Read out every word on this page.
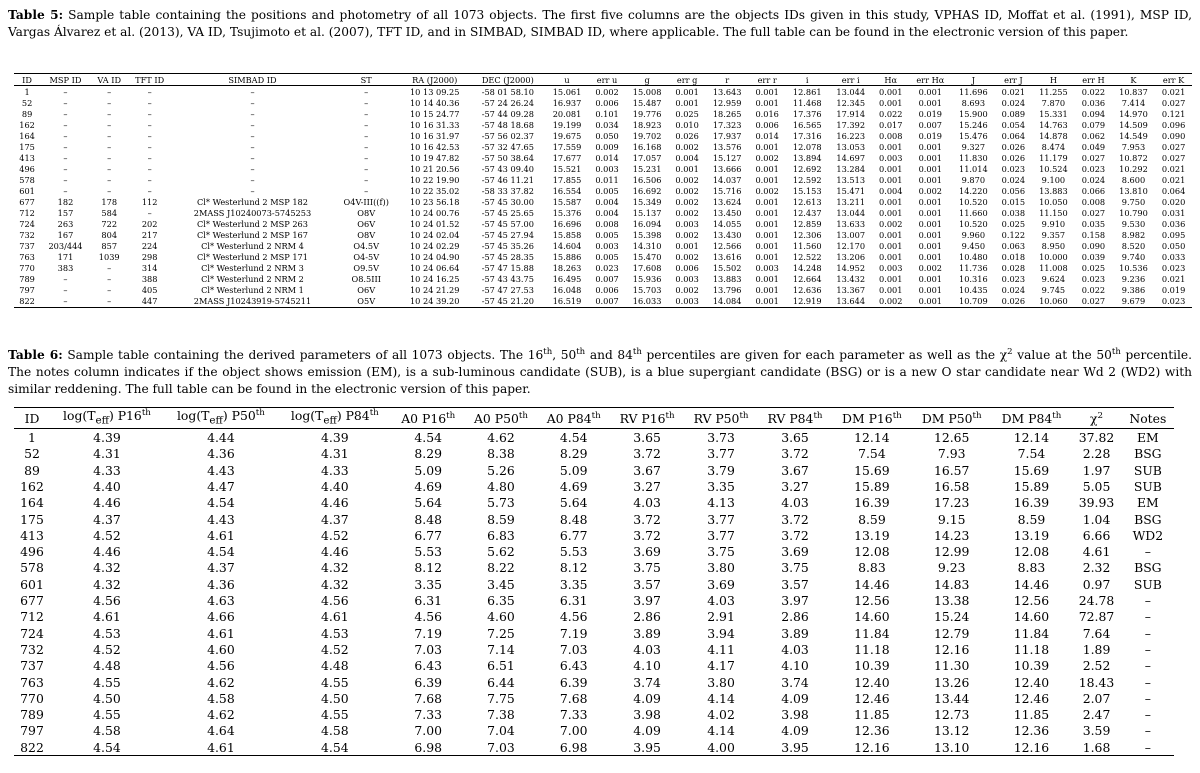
Table 5: Sample table containing the positions and photometry of all 1073 objects. The first five columns are the objects IDs given in this study, VPHAS ID, Moffat et al. (1991), MSP ID, Vargas Álvarez et al. (2013), VA ID, Tsujimoto et al. (2007), TFT ID, and in SIMBAD, SIMBAD ID, where applicable. The full table can be found in the electronic version of this paper.
ID	MSP ID	VA ID	TFT ID	SIMBAD ID	ST	RA (J2000)	DEC (J2000)	u	err u	g	err g	r	err r	i	err i	Hα	err Hα	J	err J	H	err H	K	err K
1	–	–	–	–	–	10 13 09.25	-58 01 58.10	15.061	0.002	15.008	0.001	13.643	0.001	12.861	13.044	0.001	0.001	11.696	0.021	11.255	0.022	10.837	0.021
52	–	–	–	–	–	10 14 40.36	-57 24 26.24	16.937	0.006	15.487	0.001	12.959	0.001	11.468	12.345	0.001	0.001	8.693	0.024	7.870	0.036	7.414	0.027
89	–	–	–	–	–	10 15 24.77	-57 44 09.28	20.081	0.101	19.776	0.025	18.265	0.016	17.376	17.914	0.022	0.019	15.900	0.089	15.331	0.094	14.970	0.121
162	–	–	–	–	–	10 16 31.33	-57 48 18.68	19.199	0.034	18.923	0.010	17.323	0.006	16.565	17.392	0.017	0.007	15.246	0.054	14.763	0.079	14.509	0.096
164	–	–	–	–	–	10 16 31.97	-57 56 02.37	19.675	0.050	19.702	0.026	17.937	0.014	17.316	16.223	0.008	0.019	15.476	0.064	14.878	0.062	14.549	0.090
175	–	–	–	–	–	10 16 42.53	-57 32 47.65	17.559	0.009	16.168	0.002	13.576	0.001	12.078	13.053	0.001	0.001	9.327	0.026	8.474	0.049	7.953	0.027
413	–	–	–	–	–	10 19 47.82	-57 50 38.64	17.677	0.014	17.057	0.004	15.127	0.002	13.894	14.697	0.003	0.001	11.830	0.026	11.179	0.027	10.872	0.027
496	–	–	–	–	–	10 21 20.56	-57 43 09.40	15.521	0.003	15.231	0.001	13.666	0.001	12.692	13.284	0.001	0.001	11.014	0.023	10.524	0.023	10.292	0.021
578	–	–	–	–	–	10 22 19.90	-57 46 11.21	17.855	0.011	16.506	0.002	14.037	0.001	12.592	13.513	0.001	0.001	9.870	0.024	9.100	0.024	8.600	0.021
601	–	–	–	–	–	10 22 35.02	-58 33 37.82	16.554	0.005	16.692	0.002	15.716	0.002	15.153	15.471	0.004	0.002	14.220	0.056	13.883	0.066	13.810	0.064
677	182	178	112	Cl* Westerlund 2 MSP 182	O4V-III((f))	10 23 56.18	-57 45 30.00	15.587	0.004	15.349	0.002	13.624	0.001	12.613	13.211	0.001	0.001	10.520	0.015	10.050	0.008	9.750	0.020
712	157	584	–	2MASS J10240073-5745253	O8V	10 24 00.76	-57 45 25.65	15.376	0.004	15.137	0.002	13.450	0.001	12.437	13.044	0.001	0.001	11.660	0.038	11.150	0.027	10.790	0.031
724	263	722	202	Cl* Westerlund 2 MSP 263	O6V	10 24 01.52	-57 45 57.00	16.696	0.008	16.094	0.003	14.055	0.001	12.859	13.633	0.002	0.001	10.520	0.025	9.910	0.035	9.530	0.036
732	167	804	217	Cl* Westerlund 2 MSP 167	O8V	10 24 02.04	-57 45 27.94	15.858	0.005	15.398	0.002	13.430	0.001	12.306	13.007	0.001	0.001	9.960	0.122	9.357	0.158	8.982	0.095
737	203/444	857	224	Cl* Westerlund 2 NRM 4	O4.5V	10 24 02.29	-57 45 35.26	14.604	0.003	14.310	0.001	12.566	0.001	11.560	12.170	0.001	0.001	9.450	0.063	8.950	0.090	8.520	0.050
763	171	1039	298	Cl* Westerlund 2 MSP 171	O4-5V	10 24 04.90	-57 45 28.35	15.886	0.005	15.470	0.002	13.616	0.001	12.522	13.206	0.001	0.001	10.480	0.018	10.000	0.039	9.740	0.033
770	383	–	314	Cl* Westerlund 2 NRM 3	O9.5V	10 24 06.64	-57 47 15.88	18.263	0.023	17.608	0.006	15.502	0.003	14.248	14.952	0.003	0.002	11.736	0.028	11.008	0.025	10.536	0.023
789	–	–	388	Cl* Westerlund 2 NRM 2	O8.5III	10 24 16.25	-57 43 43.75	16.495	0.007	15.936	0.003	13.883	0.001	12.664	13.432	0.001	0.001	10.316	0.023	9.624	0.023	9.236	0.021
797	–	–	405	Cl* Westerlund 2 NRM 1	O6V	10 24 21.29	-57 47 27.53	16.048	0.006	15.703	0.002	13.796	0.001	12.636	13.367	0.001	0.001	10.435	0.024	9.745	0.022	9.386	0.019
822	–	–	447	2MASS J10243919-5745211	O5V	10 24 39.20	-57 45 21.20	16.519	0.007	16.033	0.003	14.084	0.001	12.919	13.644	0.002	0.001	10.709	0.026	10.060	0.027	9.679	0.023
Table 6: Sample table containing the derived parameters of all 1073 objects. The 16th, 50th and 84th percentiles are given for each parameter as well as the $\chi^2$ value at the 50th percentile. The notes column indicates if the object shows emission (EM), is a sub-luminous candidate (SUB), is a blue supergiant candidate (BSG) or is a new O star candidate near Wd 2 (WD2) with similar reddening. The full table can be found in the electronic version of this paper.
ID	$\log(T_{eff})$ P16th	$\log(T_{eff})$ P50th	$\log(T_{eff})$ P84th	A0 P16th	A0 P50th	A0 P84th	RV P16th	RV P50th	RV P84th	DM P16th	DM P50th	DM P84th	$\chi^2$	Notes
1	4.39	4.44	4.39	4.54	4.62	4.54	3.65	3.73	3.65	12.14	12.65	12.14	37.82	EM
52	4.31	4.36	4.31	8.29	8.38	8.29	3.72	3.77	3.72	7.54	7.93	7.54	2.28	BSG
89	4.33	4.43	4.33	5.09	5.26	5.09	3.67	3.79	3.67	15.69	16.57	15.69	1.97	SUB
162	4.40	4.47	4.40	4.69	4.80	4.69	3.27	3.35	3.27	15.89	16.58	15.89	5.05	SUB
164	4.46	4.54	4.46	5.64	5.73	5.64	4.03	4.13	4.03	16.39	17.23	16.39	39.93	EM
175	4.37	4.43	4.37	8.48	8.59	8.48	3.72	3.77	3.72	8.59	9.15	8.59	1.04	BSG
413	4.52	4.61	4.52	6.77	6.83	6.77	3.72	3.77	3.72	13.19	14.23	13.19	6.66	WD2
496	4.46	4.54	4.46	5.53	5.62	5.53	3.69	3.75	3.69	12.08	12.99	12.08	4.61	–
578	4.32	4.37	4.32	8.12	8.22	8.12	3.75	3.80	3.75	8.83	9.23	8.83	2.32	BSG
601	4.32	4.36	4.32	3.35	3.45	3.35	3.57	3.69	3.57	14.46	14.83	14.46	0.97	SUB
677	4.56	4.63	4.56	6.31	6.35	6.31	3.97	4.03	3.97	12.56	13.38	12.56	24.78	–
712	4.61	4.66	4.61	4.56	4.60	4.56	2.86	2.91	2.86	14.60	15.24	14.60	72.87	–
724	4.53	4.61	4.53	7.19	7.25	7.19	3.89	3.94	3.89	11.84	12.79	11.84	7.64	–
732	4.52	4.60	4.52	7.03	7.14	7.03	4.03	4.11	4.03	11.18	12.16	11.18	1.89	–
737	4.48	4.56	4.48	6.43	6.51	6.43	4.10	4.17	4.10	10.39	11.30	10.39	2.52	–
763	4.55	4.62	4.55	6.39	6.44	6.39	3.74	3.80	3.74	12.40	13.26	12.40	18.43	–
770	4.50	4.58	4.50	7.68	7.75	7.68	4.09	4.14	4.09	12.46	13.44	12.46	2.07	–
789	4.55	4.62	4.55	7.33	7.38	7.33	3.98	4.02	3.98	11.85	12.73	11.85	2.47	–
797	4.58	4.64	4.58	7.00	7.04	7.00	4.09	4.14	4.09	12.36	13.12	12.36	3.59	–
822	4.54	4.61	4.54	6.98	7.03	6.98	3.95	4.00	3.95	12.16	13.10	12.16	1.68	–
